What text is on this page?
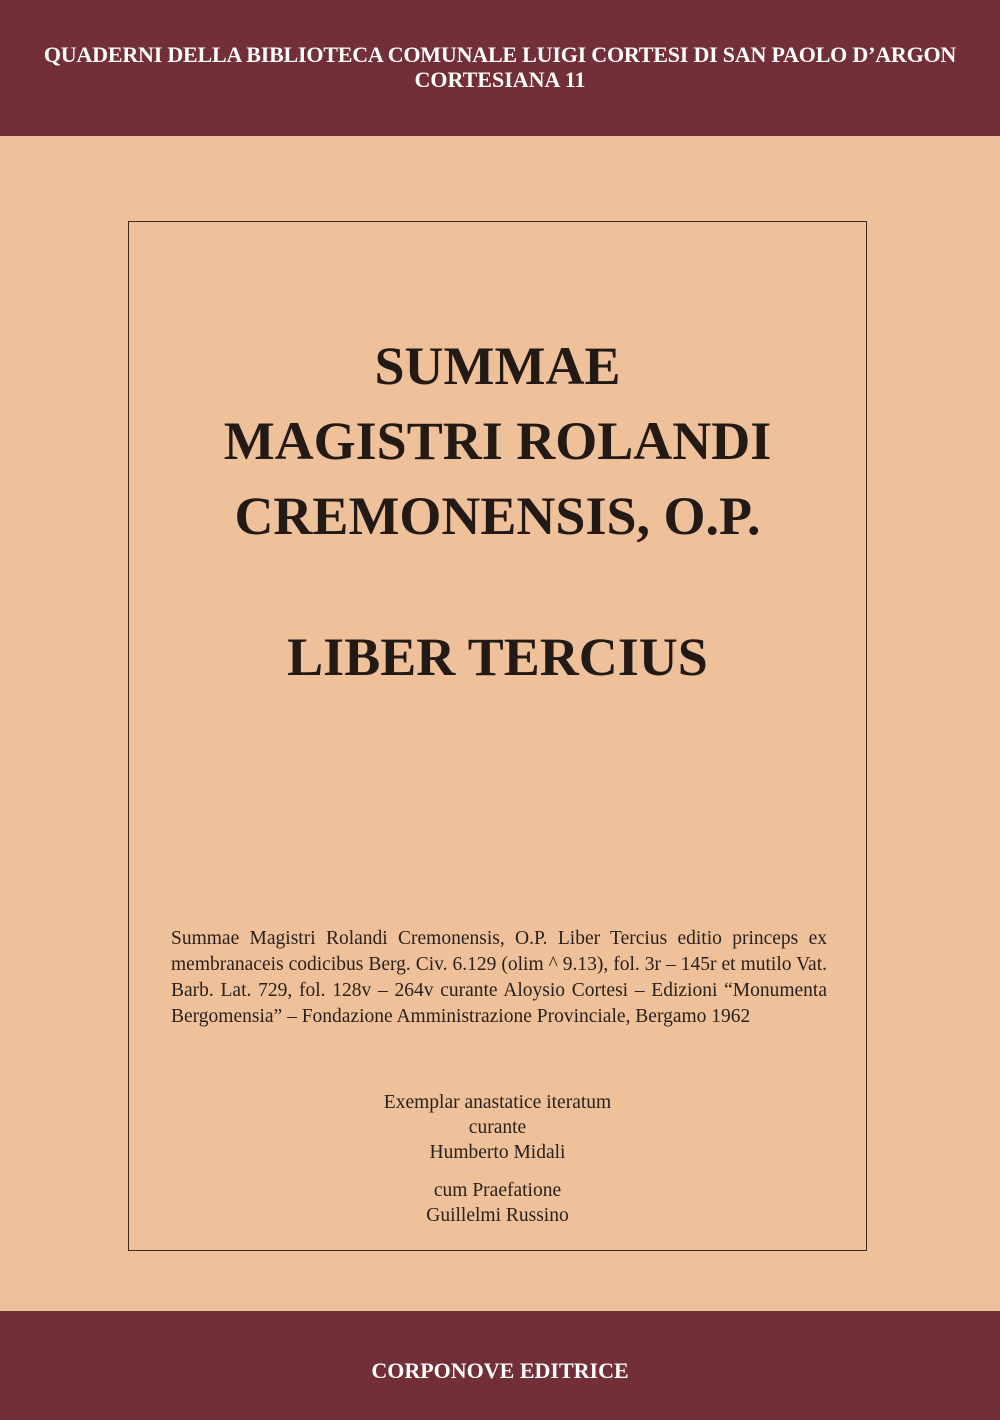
QUADERNI DELLA BIBLIOTECA COMUNALE LUIGI CORTESI DI SAN PAOLO D’ARGON
CORTESIANA 11
SUMMAE
MAGISTRI ROLANDI
CREMONENSIS, O.P.
LIBER TERCIUS
Summae Magistri Rolandi Cremonensis, O.P. Liber Tercius editio princeps ex membranaceis codicibus Berg. Civ. 6.129 (olim ^ 9.13), fol. 3r – 145r et mutilo Vat. Barb. Lat. 729, fol. 128v – 264v curante Aloysio Cortesi – Edizioni “Monumenta Bergomensia” – Fondazione Amministrazione Provinciale, Bergamo 1962
Exemplar anastatice iteratum
curante
Humberto Midali
cum Praefatione
Guillelmi Russino
CORPONOVE EDITRICE
